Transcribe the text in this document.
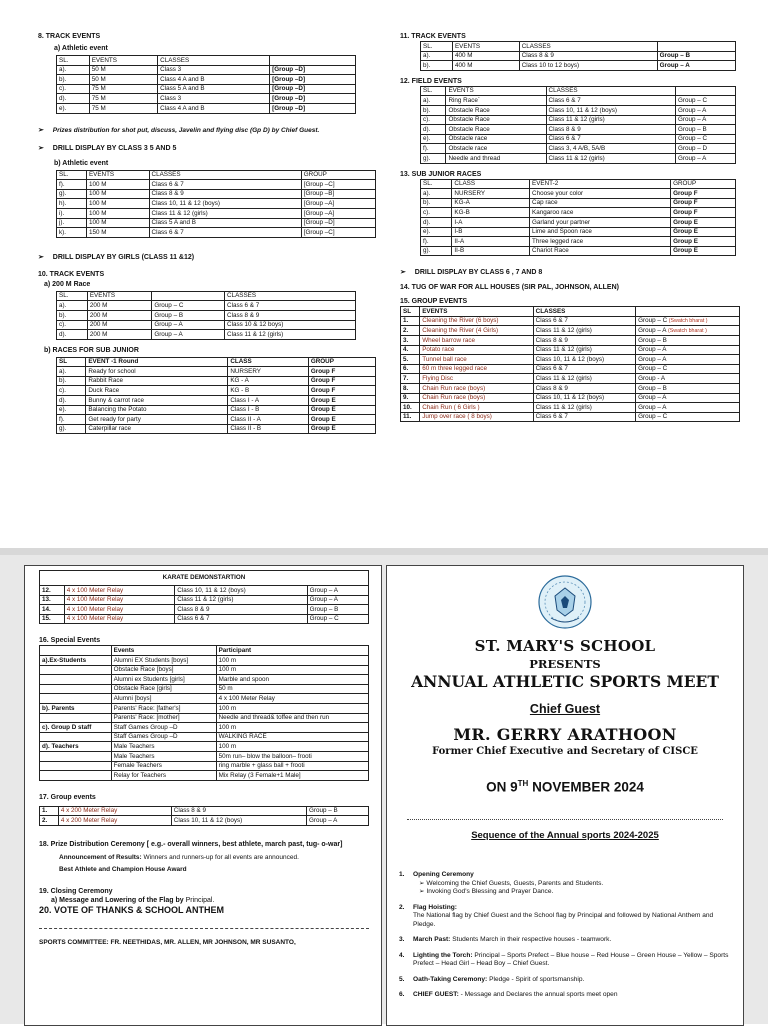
8. TRACK EVENTS

a) Athletic event

SL.	EVENTS	CLASSES	
a).	50 M	Class 3	[Group –D]
b).	50 M	Class 4 A and B	[Group –D]
c).	75 M	Class 5 A and B	[Group –D]
d).	75 M	Class 3	[Group –D]
e).	75 M	Class 4 A and B	[Group –D]
➢ Prizes distribution for shot put, discuss, Javelin and flying disc (Gp D) by Chief Guest.
➢ DRILL DISPLAY BY CLASS 3 5 AND 5

b) Athletic event

SL.	EVENTS	CLASSES	GROUP
f).	100 M	Class 6 & 7	[Group –C]
g).	100 M	Class 8 & 9	[Group –B]
h).	100 M	Class 10, 11 & 12 (boys)	[Group –A]
i).	100 M	Class 11 & 12 (girls)	[Group –A]
j).	100 M	Class 5 A and B	[Group –D]
k).	150 M	Class 6 & 7	[Group –C]
➢ DRILL DISPLAY BY GIRLS (CLASS 11 &12)

10. TRACK EVENTS

a) 200 M Race

SL.	EVENTS		CLASSES
a).	200 M	Group – C	Class 6 & 7
b).	200 M	Group – B	Class 8 & 9
c).	200 M	Group – A	Class 10 & 12 boys)
d).	200 M	Group – A	Class 11 & 12 (girls)

b) RACES FOR SUB JUNIOR

SL	EVENT -1 Round	CLASS	GROUP
a).	Ready for school	NURSERY	Group F
b).	Rabbit Race	KG - A	Group F
c).	Duck Race	KG - B	Group F
d).	Bunny & carrot race	Class I - A	Group E
e).	Balancing the Potato	Class I - B	Group E
f).	Get ready for party	Class II - A	Group E
g).	Caterpillar race	Class II - B	Group E

11. TRACK EVENTS

SL.	EVENTS	CLASSES	
a).	400 M	Class 8 & 9	Group – B
b).	400 M	Class 10 to 12 boys)	Group – A

12. FIELD EVENTS

SL.	EVENTS	CLASSES	
a).	Ring Race`	Class 6 & 7	Group – C
b).	Obstacle Race	Class 10, 11 & 12 (boys)	Group – A
c).	Obstacle Race	Class 11 & 12 (girls)	Group – A
d).	Obstacle Race	Class 8 & 9	Group – B
e).	Obstacle race	Class 6 & 7	Group – C
f).	Obstacle race	Class 3, 4 A/B, 5A/B	Group – D
g).	Needle and thread	Class 11 & 12 (girls)	Group – A

13. SUB JUNIOR RACES

SL.	CLASS	EVENT-2	GROUP
a).	NURSERY	Choose your color	Group F
b).	KG-A	Cap race	Group F
c).	KG-B	Kangaroo race	Group F
d).	I-A	Garland your partner	Group E
e).	I-B	Lime and Spoon race	Group E
f).	II-A	Three legged race	Group E
g).	II-B	Chariot Race	Group E
➢ DRILL DISPLAY BY CLASS 6 , 7 AND 8

14. TUG OF WAR FOR ALL HOUSES (SIR PAL, JOHNSON, ALLEN)

15. GROUP EVENTS

SL	EVENTS	CLASSES	
1.	Cleaning the River (6 boys)	Class 6 & 7	Group – C (Swatch bharat )
2.	Cleaning the River (4 Girls)	Class 11 & 12 (girls)	Group – A (Swatch bharat )
3.	Wheel barrow race	Class 8 & 9	Group – B
4.	Potato race	Class 11 & 12 (girls)	Group – A
5.	Tunnel ball race	Class 10, 11 & 12 (boys)	Group – A
6.	60 m three legged race	Class 6 & 7	Group – C
7.	Flying Disc	Class 11 & 12 (girls)	Group - A
8.	Chain Run race (boys)	Class 8 & 9	Group – B
9.	Chain Run race (boys)	Class 10, 11 & 12 (boys)	Group – A
10.	Chain Run ( 6 Girls )	Class 11 & 12 (girls)	Group – A
11.	Jump over race ( 8 boys)	Class 6 & 7	Group – C
KARATE DEMONSTARTION			
12.	4 x 100 Meter Relay	Class 10, 11 & 12 (boys)	Group – A
13.	4 x 100 Meter Relay	Class 11 & 12 (girls)	Group – A
14.	4 x 100 Meter Relay	Class 8 & 9	Group – B
15.	4 x 100 Meter Relay	Class 6 & 7	Group – C

16. Special Events

	Events	Participant
a).Ex-Students	Alumni EX Students [boys]	100 m
	Obstacle Race [boys]	100 m
	Alumni ex Students [girls]	Marble and spoon
	Obstacle Race [girls]	50 m
	Alumni [boys]	4 x 100 Meter Relay
b). Parents	Parents' Race: [father's]	100 m
	Parents' Race: [mother]	Needle and thread& toffee and then run
c). Group D staff	Staff Games Group –D	100 m
	Staff Games Group –D	WALKING RACE
d). Teachers	Male Teachers	100 m
	Male Teachers	50m run– blow the balloon– frooti
	Female Teachers	ring marble + glass ball + frooti
	Relay for Teachers	Mix Relay (3 Female+1 Male]

17. Group events

1.	4 x 200 Meter Relay	Class 8 & 9	Group – B
2.	4 x 200 Meter Relay	Class 10, 11 & 12 (boys)	Group – A

18. Prize Distribution Ceremony [ e.g.- overall winners, best athlete, march past, tug- o-war]

Announcement of Results: Winners and runners-up for all events are announced.

Best Athlete and Champion House Award

19. Closing Ceremony

a) Message and Lowering of the Flag by Principal.

20. VOTE OF THANKS & SCHOOL ANTHEM

SPORTS COMMITTEE: FR. NEETHIDAS, MR. ALLEN, MR JOHNSON, MR SUSANTO,

ST. MARY'S SCHOOL
PRESENTS
ANNUAL ATHLETIC SPORTS MEET
Chief Guest
MR. GERRY ARATHOON
Former Chief Executive and Secretary of CISCE
ON 9TH NOVEMBER 2024
Sequence of the Annual sports 2024-2025
1.	Opening Ceremony
➢ Welcoming the Chief Guests, Guests, Parents and Students.
➢ Invoking God's Blessing and Prayer Dance.
2.	Flag Hoisting:
The National flag by Chief Guest and the School flag by Principal and followed by National Anthem and Pledge.
3.	March Past: Students March in their respective houses - teamwork.
4.	Lighting the Torch: Principal – Sports Prefect – Blue house – Red House – Green House – Yellow – Sports Prefect – Head Girl – Head Boy – Chief Guest.
5.	Oath-Taking Ceremony: Pledge - Spirit of sportsmanship.
6.	CHIEF GUEST: - Message and Declares the annual sports meet open
